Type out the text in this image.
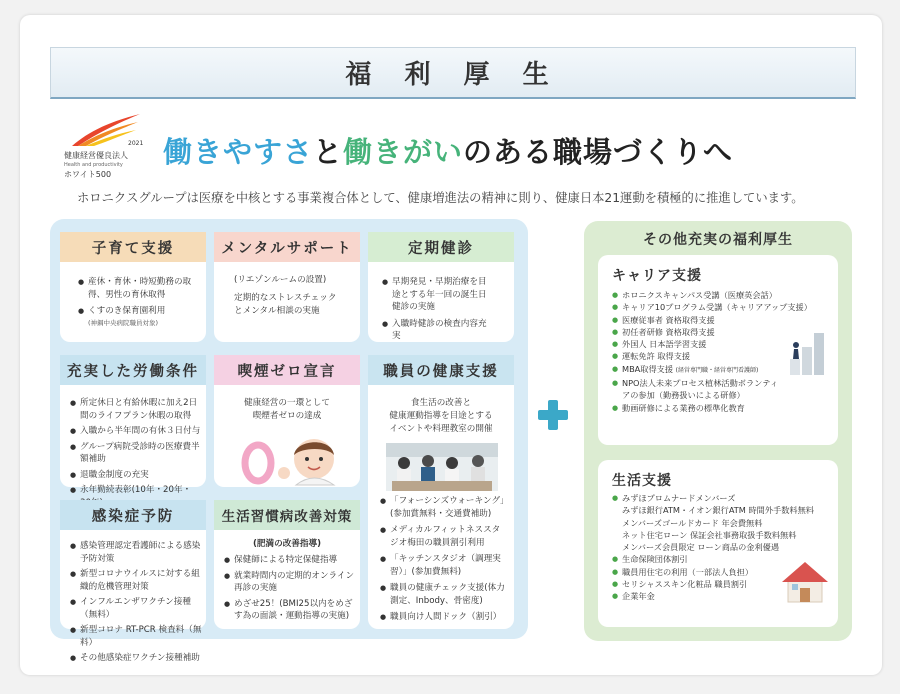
福 利 厚 生
2021
健康経営優良法人
Health and productivity
ホワイト500
働きやすさと働きがいのある職場づくりへ
ホロニクスグループは医療を中核とする事業複合体として、健康増進法の精神に則り、健康日本21運動を積極的に推進しています。
子育て支援
● 産休・育休・時短勤務の取得、男性の育休取得
● くすのき保育園利用
(神鋼中央病院職員対象)
メンタルサポート
(リエゾンルームの設置)
定期的なストレスチェック
とメンタル相談の実施
定期健診
● 早期発見・早期治療を目途とする年一回の誕生日健診の実施
● 入職時健診の検査内容充実
充実した労働条件
● 所定休日と有給休暇に加え2日間のライフプラン休暇の取得
● 入職から半年間の有休３日付与
● グループ病院受診時の医療費半額補助
● 退職金制度の充実
● 永年勤続表彰(10年・20年・
喫煙ゼロ宣言

健康経営の一環として

喫煙者ゼロの達成

職員の健康支援

食生活の改善と

健康運動指導を目途とする

イベントや料理教室の開催

● 「フォーシンズウォーキング」(参加賞無料・交通費補助)
● メディカルフィットネススタジオ梅田の職員割引利用
● 「キッチンスタジオ（調理実習）」(参加費無料)
● 職員の健康チェック支援(体力測定、Inbody、骨密度)
● 職員向け人間ドック（割引）
感染症予防
● 感染管理認定看護師による感染予防対策
● 新型コロナウイルスに対する組織的危機管理対策
● インフルエンザワクチン接種（無料）
● 新型コロナ RT-PCR 検査料（無料）
● その他感染症ワクチン接種補助
生活習慣病改善対策

(肥満の改善指導)

● 保健師による特定保健指導
● 就業時間内の定期的オンライン再診の実施
● めざせ25！(BMI25以内をめざす為の面談・運動指導の実施)
その他充実の福利厚生
キャリア支援
● ホロニクスキャンパス受講（医療英会話）
● キャリア10プログラム受講（キャリアアップ支援）
● 医療従事者 資格取得支援
● 初任者研修 資格取得支援
● 外国人 日本語学習支援
● 運転免許 取得支援
● MBA取得支援 (経営専門職・経営専門看護師)
● NPO法人未来プロセス植林活動ボランティアの参加（勤務扱いによる研修）
● 動画研修による業務の標準化教育
生活支援
● みずほプロムナードメンバーズ
みずほ銀行ATM・イオン銀行ATM 時間外手数料無料
メンバーズゴールドカード 年会費無料
ネット住宅ローン 保証会社事務取扱手数料無料
メンバーズ会員限定 ローン商品の金利優遇
● 生命保険団体割引
● 職員用住宅の利用（一部法人負担）
● セリシャススキン化粧品 職員割引
● 企業年金
